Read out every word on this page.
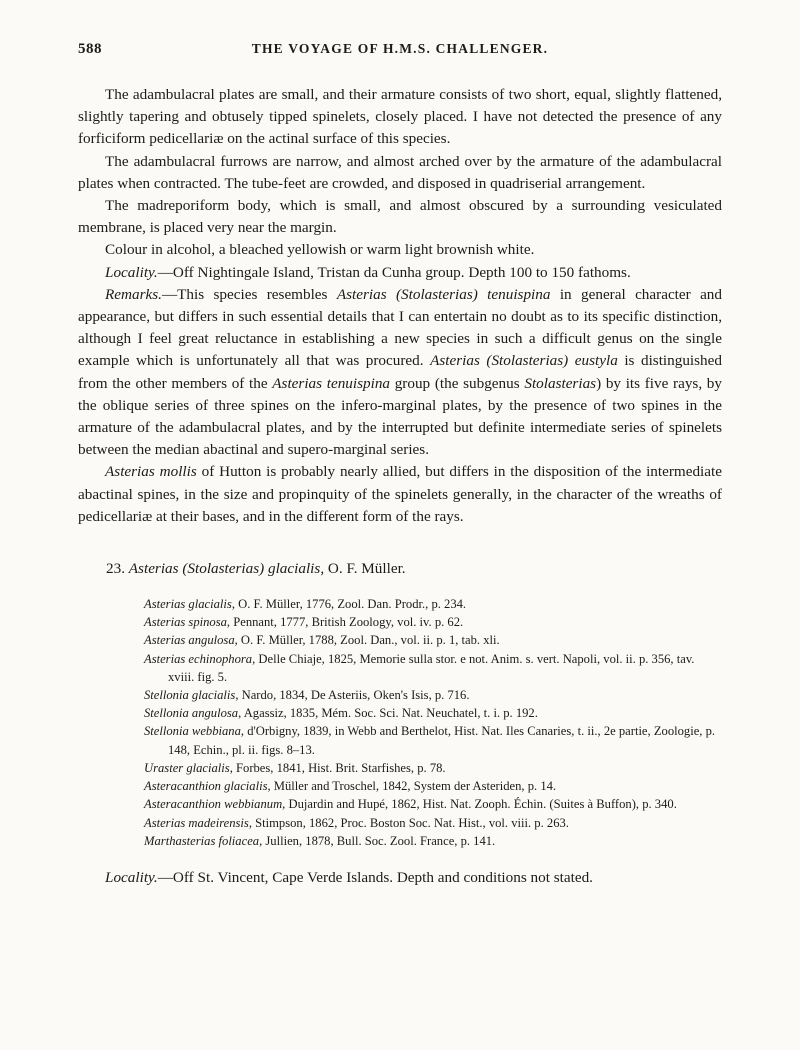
588	THE VOYAGE OF H.M.S. CHALLENGER.

The adambulacral plates are small, and their armature consists of two short, equal, slightly flattened, slightly tapering and obtusely tipped spinelets, closely placed. I have not detected the presence of any forficiform pedicellariæ on the actinal surface of this species.

The adambulacral furrows are narrow, and almost arched over by the armature of the adambulacral plates when contracted. The tube-feet are crowded, and disposed in quadriserial arrangement.

The madreporiform body, which is small, and almost obscured by a surrounding vesiculated membrane, is placed very near the margin.

Colour in alcohol, a bleached yellowish or warm light brownish white.

Locality.—Off Nightingale Island, Tristan da Cunha group. Depth 100 to 150 fathoms.

Remarks.—This species resembles Asterias (Stolasterias) tenuispina in general character and appearance, but differs in such essential details that I can entertain no doubt as to its specific distinction, although I feel great reluctance in establishing a new species in such a difficult genus on the single example which is unfortunately all that was procured. Asterias (Stolasterias) eustyla is distinguished from the other members of the Asterias tenuispina group (the subgenus Stolasterias) by its five rays, by the oblique series of three spines on the infero-marginal plates, by the presence of two spines in the armature of the adambulacral plates, and by the interrupted but definite intermediate series of spinelets between the median abactinal and supero-marginal series.

Asterias mollis of Hutton is probably nearly allied, but differs in the disposition of the intermediate abactinal spines, in the size and propinquity of the spinelets generally, in the character of the wreaths of pedicellariæ at their bases, and in the different form of the rays.

23. Asterias (Stolasterias) glacialis, O. F. Müller.

Asterias glacialis, O. F. Müller, 1776, Zool. Dan. Prodr., p. 234.

Asterias spinosa, Pennant, 1777, British Zoology, vol. iv. p. 62.

Asterias angulosa, O. F. Müller, 1788, Zool. Dan., vol. ii. p. 1, tab. xli.

Asterias echinophora, Delle Chiaje, 1825, Memorie sulla stor. e not. Anim. s. vert. Napoli, vol. ii. p. 356, tav. xviii. fig. 5.

Stellonia glacialis, Nardo, 1834, De Asteriis, Oken's Isis, p. 716.

Stellonia angulosa, Agassiz, 1835, Mém. Soc. Sci. Nat. Neuchatel, t. i. p. 192.

Stellonia webbiana, d'Orbigny, 1839, in Webb and Berthelot, Hist. Nat. Iles Canaries, t. ii., 2e partie, Zoologie, p. 148, Echin., pl. ii. figs. 8–13.

Uraster glacialis, Forbes, 1841, Hist. Brit. Starfishes, p. 78.

Asteracanthion glacialis, Müller and Troschel, 1842, System der Asteriden, p. 14.

Asteracanthion webbianum, Dujardin and Hupé, 1862, Hist. Nat. Zooph. Échin. (Suites à Buffon), p. 340.

Asterias madeirensis, Stimpson, 1862, Proc. Boston Soc. Nat. Hist., vol. viii. p. 263.

Marthasterias foliacea, Jullien, 1878, Bull. Soc. Zool. France, p. 141.

Locality.—Off St. Vincent, Cape Verde Islands. Depth and conditions not stated.
